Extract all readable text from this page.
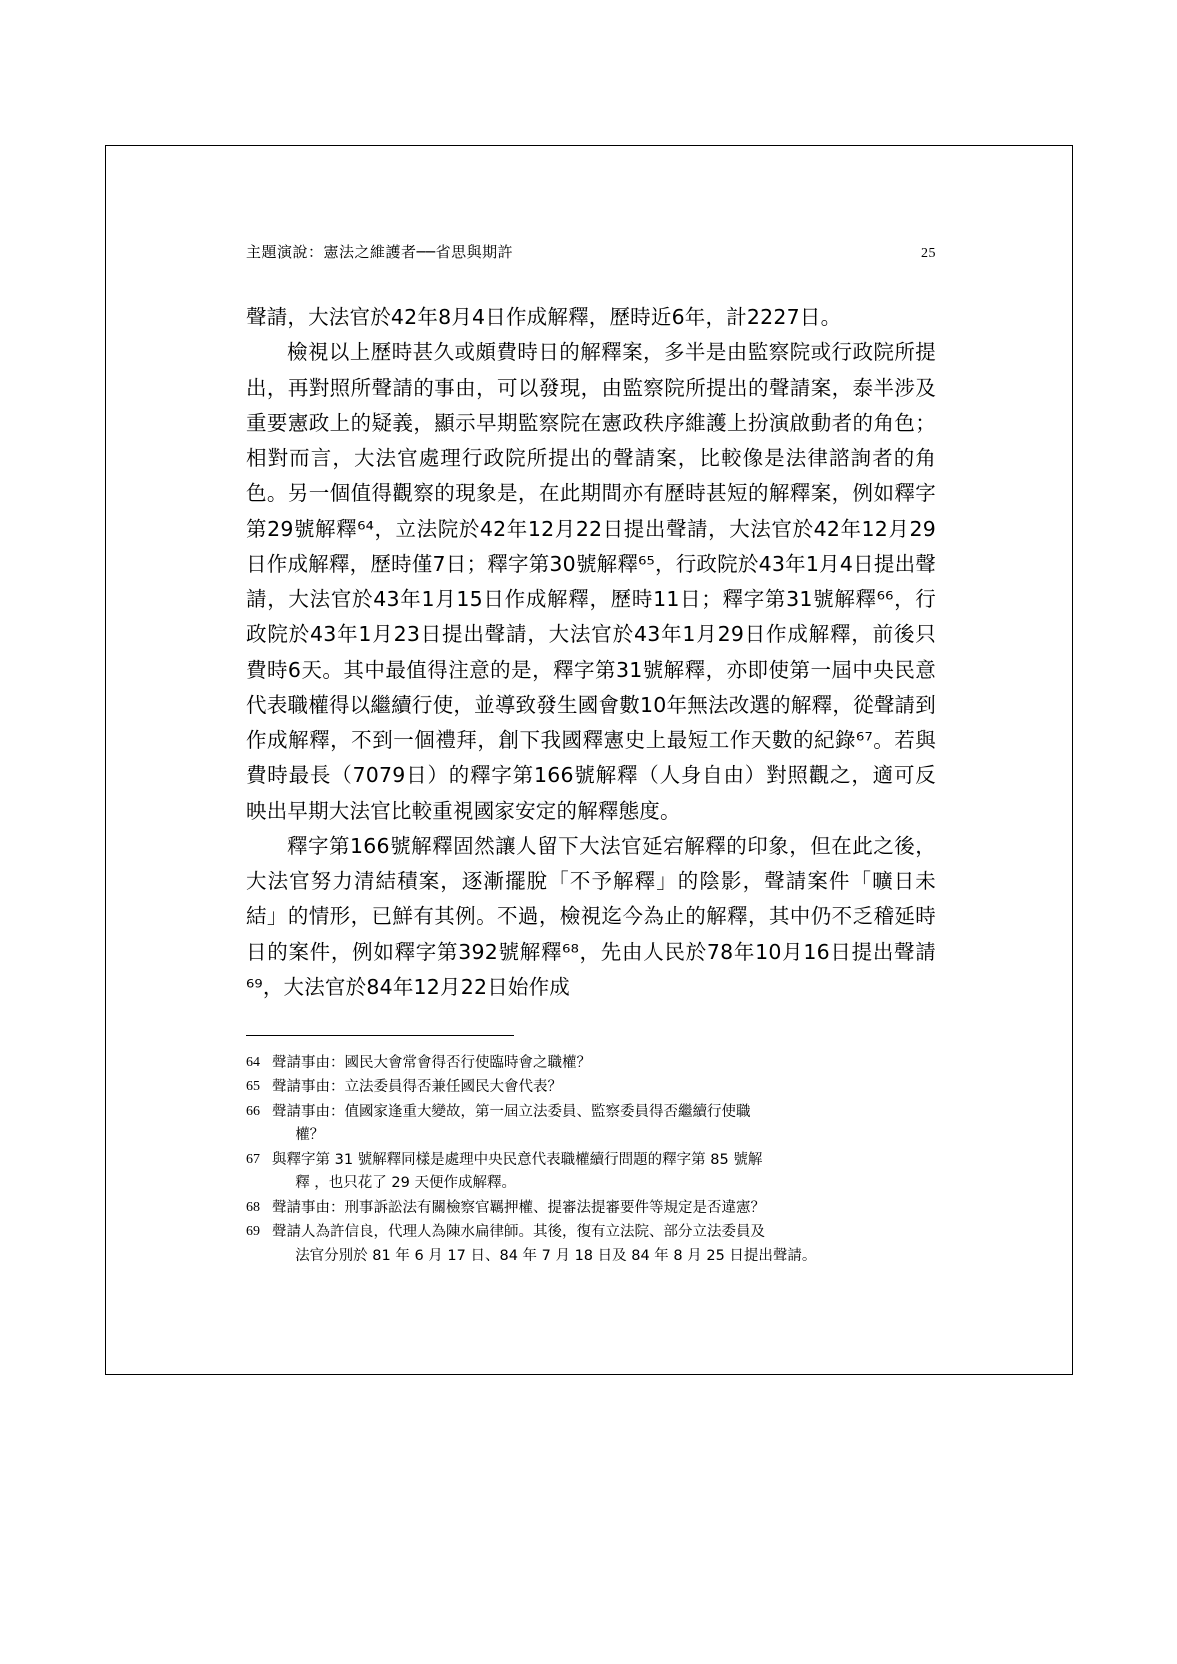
主題演說：憲法之維護者──省思與期許	25

聲請，大法官於42年8月4日作成解釋，歷時近6年，計2227日。

檢視以上歷時甚久或頗費時日的解釋案，多半是由監察院或行政院所提出，再對照所聲請的事由，可以發現，由監察院所提出的聲請案，泰半涉及重要憲政上的疑義，顯示早期監察院在憲政秩序維護上扮演啟動者的角色；相對而言，大法官處理行政院所提出的聲請案，比較像是法律諮詢者的角色。另一個值得觀察的現象是，在此期間亦有歷時甚短的解釋案，例如釋字第29號解釋⁶⁴，立法院於42年12月22日提出聲請，大法官於42年12月29日作成解釋，歷時僅7日；釋字第30號解釋⁶⁵，行政院於43年1月4日提出聲請，大法官於43年1月15日作成解釋，歷時11日；釋字第31號解釋⁶⁶，行政院於43年1月23日提出聲請，大法官於43年1月29日作成解釋，前後只費時6天。其中最值得注意的是，釋字第31號解釋，亦即使第一屆中央民意代表職權得以繼續行使，並導致發生國會數10年無法改選的解釋，從聲請到作成解釋，不到一個禮拜，創下我國釋憲史上最短工作天數的紀錄⁶⁷。若與費時最長（7079日）的釋字第166號解釋（人身自由）對照觀之，適可反映出早期大法官比較重視國家安定的解釋態度。

釋字第166號解釋固然讓人留下大法官延宕解釋的印象，但在此之後，大法官努力清結積案，逐漸擺脫「不予解釋」的陰影，聲請案件「曠日未結」的情形，已鮮有其例。不過，檢視迄今為止的解釋，其中仍不乏稽延時日的案件，例如釋字第392號解釋⁶⁸，先由人民於78年10月16日提出聲請⁶⁹，大法官於84年12月22日始作成

64 聲請事由：國民大會常會得否行使臨時會之職權？
65 聲請事由：立法委員得否兼任國民大會代表？
66 聲請事由：值國家逢重大變故，第一屆立法委員、監察委員得否繼續行使職
權？
67 與釋字第 31 號解釋同樣是處理中央民意代表職權續行問題的釋字第 85 號解
釋 ，也只花了 29 天便作成解釋。
68 聲請事由：刑事訴訟法有關檢察官羈押權、提審法提審要件等規定是否違憲？
69 聲請人為許信良，代理人為陳水扁律師。其後，復有立法院、部分立法委員及
法官分別於 81 年 6 月 17 日、84 年 7 月 18 日及 84 年 8 月 25 日提出聲請。
